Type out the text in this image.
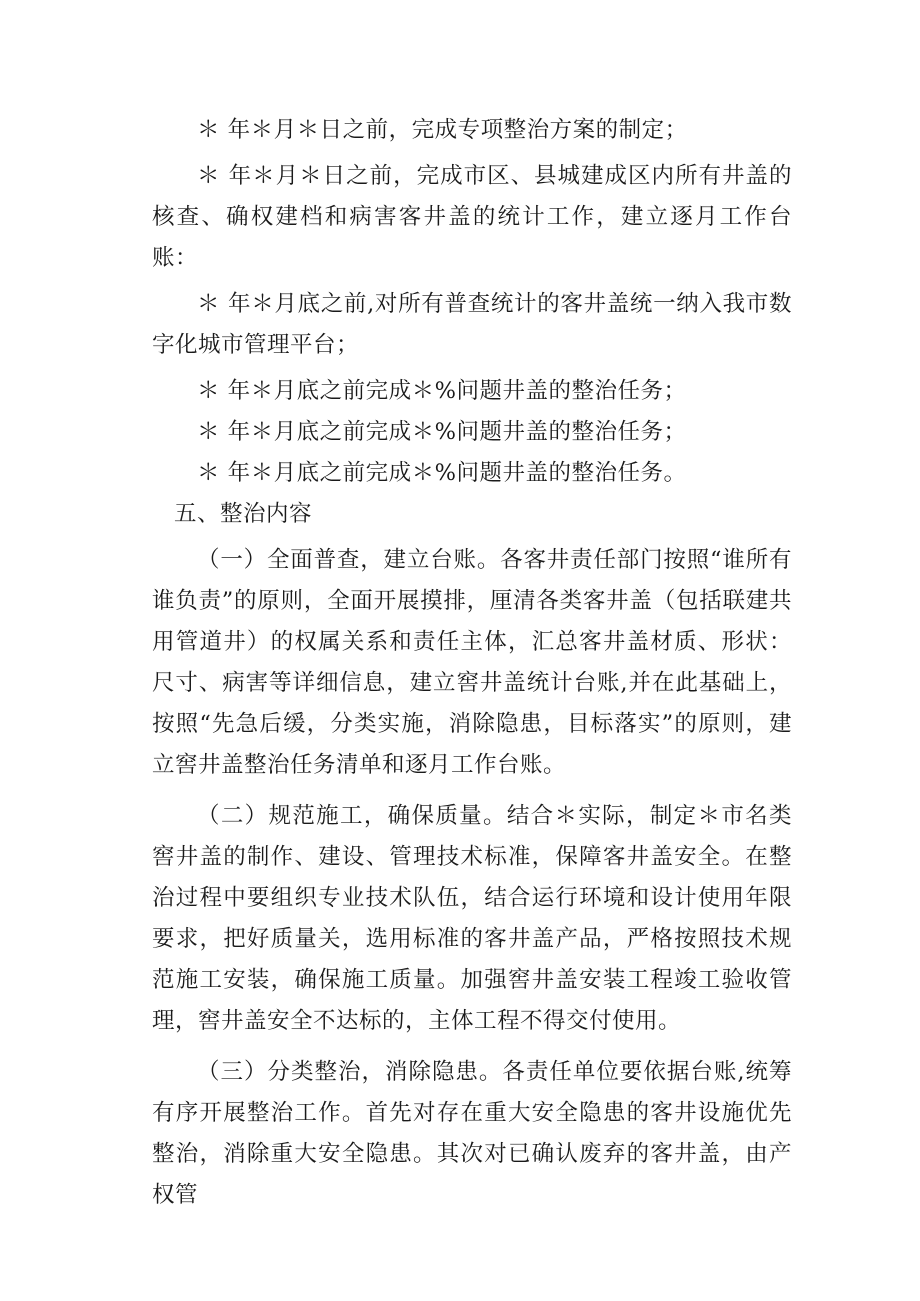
＊ 年＊月＊日之前，完成专项整治方案的制定；

＊ 年＊月＊日之前，完成市区、县城建成区内所有井盖的核查、确权建档和病害客井盖的统计工作，建立逐月工作台账：

＊ 年＊月底之前,对所有普查统计的客井盖统一纳入我市数字化城市管理平台；

＊ 年＊月底之前完成＊%问题井盖的整治任务；

＊ 年＊月底之前完成＊%问题井盖的整治任务；

＊ 年＊月底之前完成＊%问题井盖的整治任务。

五、整治内容

（一）全面普查，建立台账。各客井责任部门按照“谁所有谁负责”的原则，全面开展摸排，厘清各类客井盖（包括联建共用管道井）的权属关系和责任主体，汇总客井盖材质、形状：尺寸、病害等详细信息，建立窖井盖统计台账,并在此基础上，按照“先急后缓，分类实施，消除隐患，目标落实”的原则，建立窖井盖整治任务清单和逐月工作台账。

（二）规范施工，确保质量。结合＊实际，制定＊市名类窖井盖的制作、建设、管理技术标准，保障客井盖安全。在整治过程中要组织专业技术队伍，结合运行环境和设计使用年限要求，把好质量关，选用标准的客井盖产品，严格按照技术规范施工安装，确保施工质量。加强窖井盖安装工程竣工验收管理，窖井盖安全不达标的，主体工程不得交付使用。

（三）分类整治，消除隐患。各责任单位要依据台账,统筹有序开展整治工作。首先对存在重大安全隐患的客井设施优先整治，消除重大安全隐患。其次对已确认废弃的客井盖，由产权管
